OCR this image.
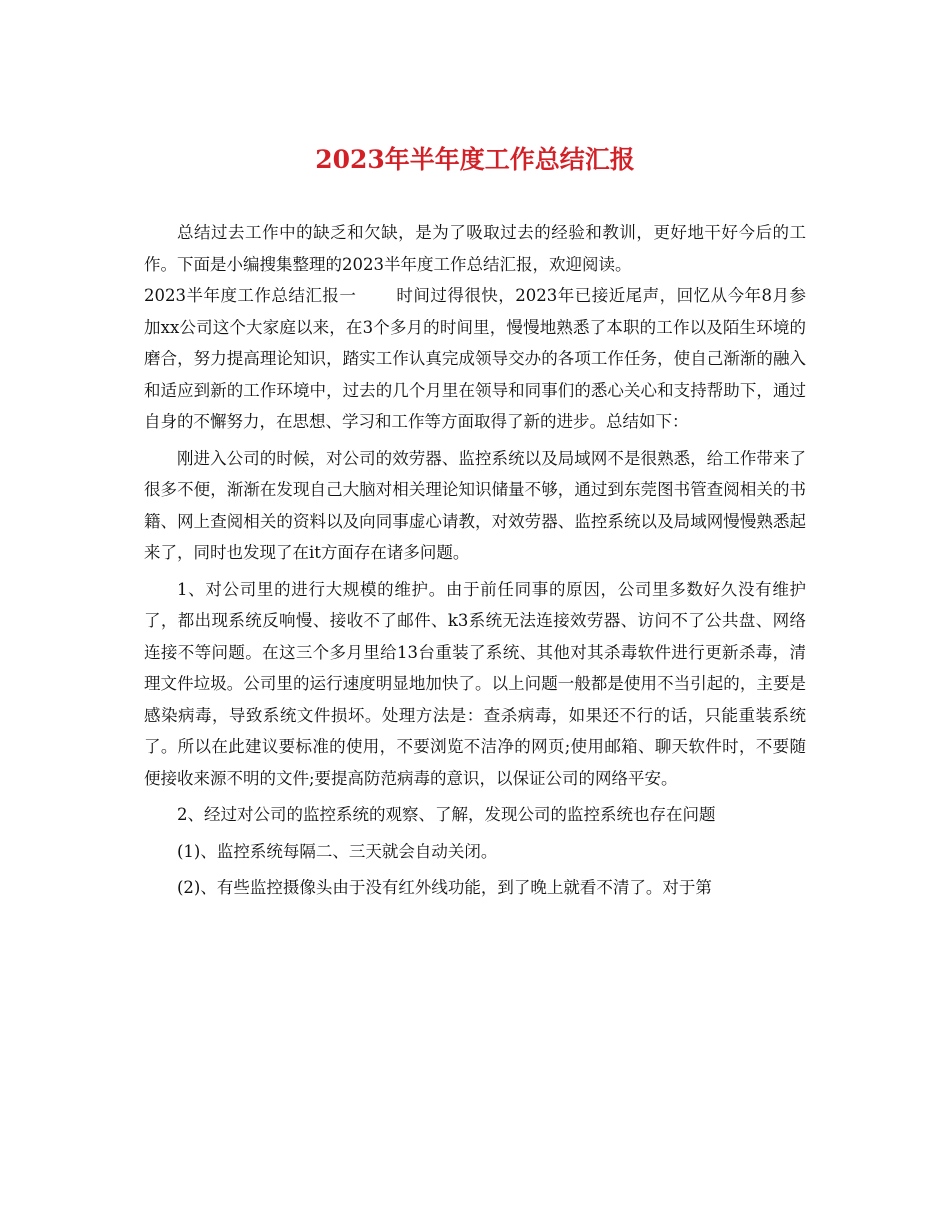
2023年半年度工作总结汇报

总结过去工作中的缺乏和欠缺，是为了吸取过去的经验和教训，更好地干好今后的工作。下面是小编搜集整理的2023半年度工作总结汇报，欢迎阅读。

2023半年度工作总结汇报一 时间过得很快，2023年已接近尾声，回忆从今年8月参加xx公司这个大家庭以来，在3个多月的时间里，慢慢地熟悉了本职的工作以及陌生环境的磨合，努力提高理论知识，踏实工作认真完成领导交办的各项工作任务，使自己渐渐的融入和适应到新的工作环境中，过去的几个月里在领导和同事们的悉心关心和支持帮助下，通过自身的不懈努力，在思想、学习和工作等方面取得了新的进步。总结如下：

刚进入公司的时候，对公司的效劳器、监控系统以及局域网不是很熟悉，给工作带来了很多不便，渐渐在发现自己大脑对相关理论知识储量不够，通过到东莞图书管查阅相关的书籍、网上查阅相关的资料以及向同事虚心请教，对效劳器、监控系统以及局域网慢慢熟悉起来了，同时也发现了在it方面存在诸多问题。

1、对公司里的进行大规模的维护。由于前任同事的原因，公司里多数好久没有维护了，都出现系统反响慢、接收不了邮件、k3系统无法连接效劳器、访问不了公共盘、网络连接不等问题。在这三个多月里给13台重装了系统、其他对其杀毒软件进行更新杀毒，清理文件垃圾。公司里的运行速度明显地加快了。以上问题一般都是使用不当引起的，主要是感染病毒，导致系统文件损坏。处理方法是：查杀病毒，如果还不行的话，只能重装系统了。所以在此建议要标准的使用，不要浏览不洁净的网页;使用邮箱、聊天软件时，不要随便接收来源不明的文件;要提高防范病毒的意识，以保证公司的网络平安。

2、经过对公司的监控系统的观察、了解，发现公司的监控系统也存在问题

(1)、监控系统每隔二、三天就会自动关闭。

(2)、有些监控摄像头由于没有红外线功能，到了晚上就看不清了。对于第
